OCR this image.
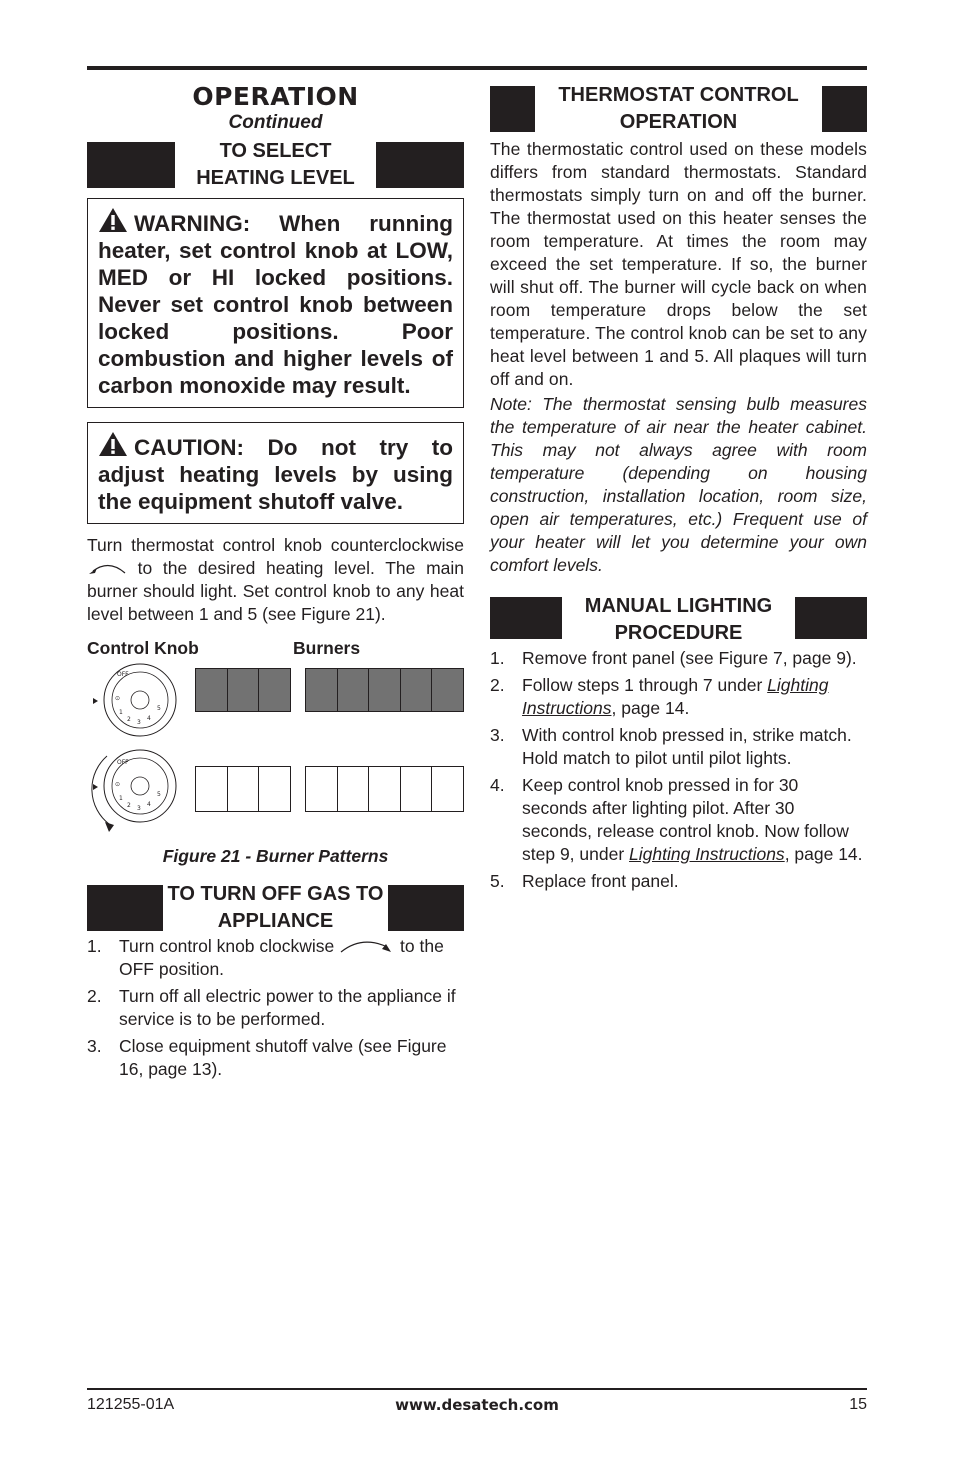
OPERATION
Continued
TO SELECT HEATING LEVEL
WARNING: When running heater, set control knob at LOW, MED or HI locked positions. Never set control knob between locked positions. Poor combustion and higher levels of carbon monoxide may result.
CAUTION: Do not try to adjust heating levels by using the equipment shutoff valve.

Turn thermostat control knob counterclockwise  to the desired heating level. The main burner should light. Set control knob to any heat level between 1 and 5 (see Figure 21).

Control Knob	Burners
OFF
⊙
1
2 3
4
5
OFF
⊙
1
2 3
4
5
Figure 21 - Burner Patterns
TO TURN OFF GAS TO APPLIANCE
1. Turn control knob clockwise	to the OFF position.
2. Turn off all electric power to the appliance if service is to be performed.
3. Close equipment shutoff valve (see Figure 16, page 13).
THERMOSTAT CONTROL OPERATION

The thermostatic control used on these models differs from standard thermostats. Standard thermostats simply turn on and off the burner. The thermostat used on this heater senses the room temperature. At times the room may exceed the set temperature. If so, the burner will shut off. The burner will cycle back on when room temperature drops below the set temperature. The control knob can be set to any heat level between 1 and 5. All plaques will turn off and on.

Note: The thermostat sensing bulb measures the temperature of air near the heater cabinet. This may not always agree with room temperature (depending on housing construction, installation location, room size, open air temperatures, etc.) Frequent use of your heater will let you determine your own comfort levels.

MANUAL LIGHTING PROCEDURE
1. Remove front panel (see Figure 7, page 9).
2. Follow steps 1 through 7 under Lighting Instructions, page 14.
3. With control knob pressed in, strike match. Hold match to pilot until pilot lights.
4. Keep control knob pressed in for 30 seconds after lighting pilot. After 30 seconds, release control knob. Now follow step 9, under Lighting Instructions, page 14.
5. Replace front panel.
121255-01A	www.desatech.com	15
